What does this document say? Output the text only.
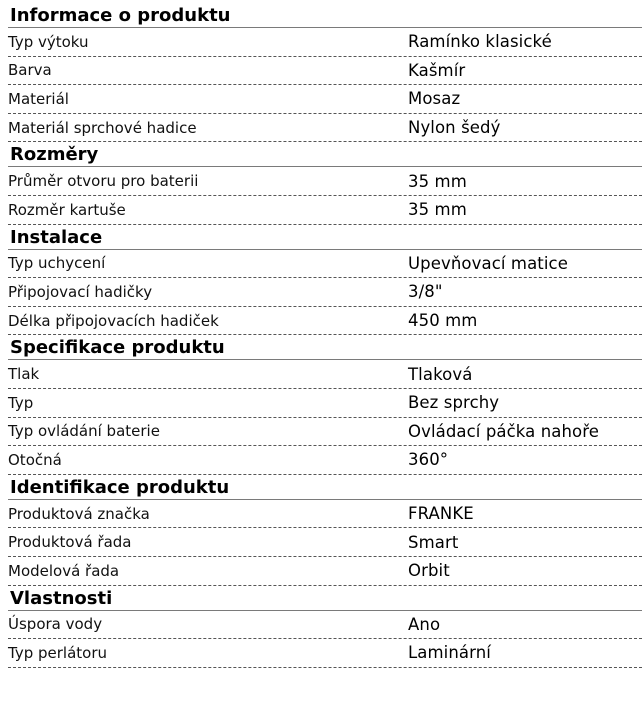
Informace o produktu
Typ výtoku	Ramínko klasické
Barva	Kašmír
Materiál	Mosaz
Materiál sprchové hadice	Nylon šedý
Rozměry
Průměr otvoru pro baterii	35 mm
Rozměr kartuše	35 mm
Instalace
Typ uchycení	Upevňovací matice
Připojovací hadičky	3/8"
Délka připojovacích hadiček	450 mm
Specifikace produktu
Tlak	Tlaková
Typ	Bez sprchy
Typ ovládání baterie	Ovládací páčka nahoře
Otočná	360°
Identifikace produktu
Produktová značka	FRANKE
Produktová řada	Smart
Modelová řada	Orbit
Vlastnosti
Úspora vody	Ano
Typ perlátoru	Laminární
